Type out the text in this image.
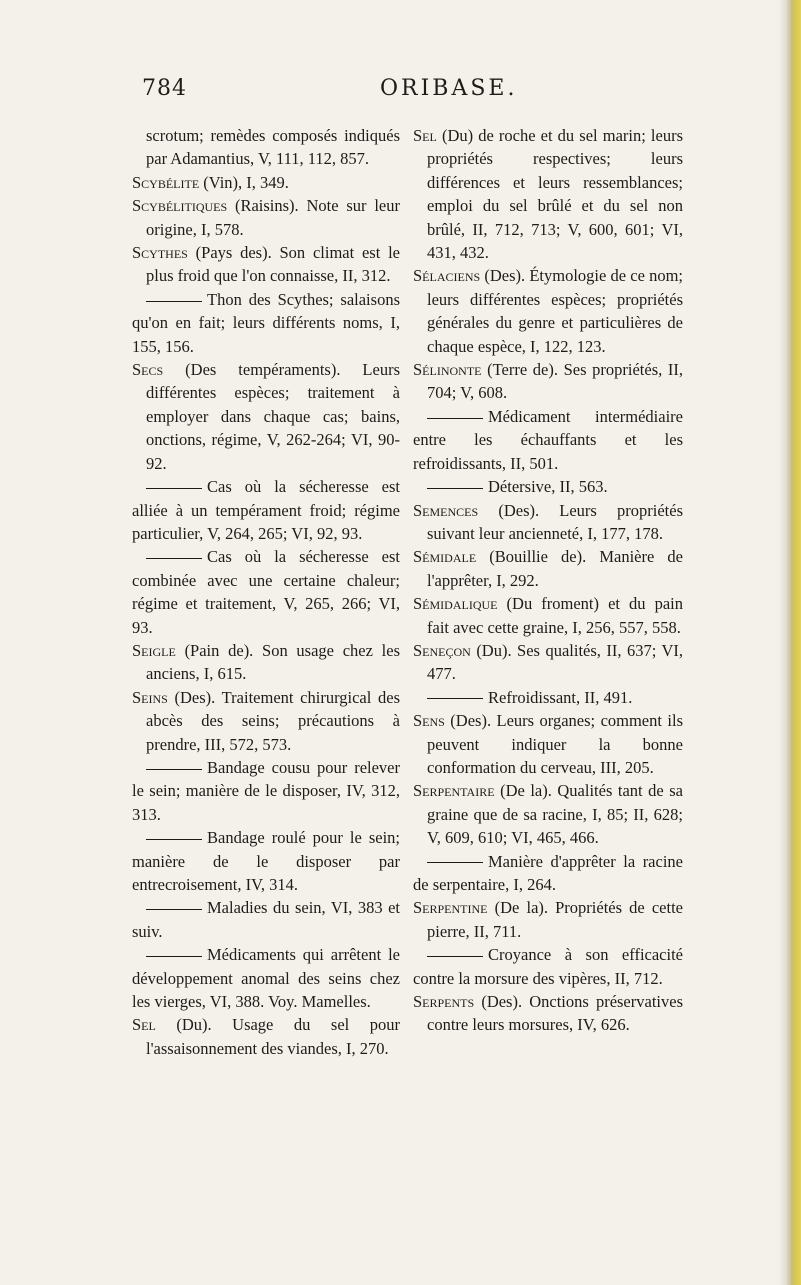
784	ORIBASE.

scrotum; remèdes composés indiqués par Adamantius, V, 111, 112, 857.

Scybélite (Vin), I, 349.

Scybélitiques (Raisins). Note sur leur origine, I, 578.

Scythes (Pays des). Son climat est le plus froid que l'on connaisse, II, 312.

Thon des Scythes; salaisons qu'on en fait; leurs différents noms, I, 155, 156.

Secs (Des tempéraments). Leurs différentes espèces; traitement à employer dans chaque cas; bains, onctions, régime, V, 262-264; VI, 90-92.

Cas où la sécheresse est alliée à un tempérament froid; régime particulier, V, 264, 265; VI, 92, 93.

Cas où la sécheresse est combinée avec une certaine chaleur; régime et traitement, V, 265, 266; VI, 93.

Seigle (Pain de). Son usage chez les anciens, I, 615.

Seins (Des). Traitement chirurgical des abcès des seins; précautions à prendre, III, 572, 573.

Bandage cousu pour relever le sein; manière de le disposer, IV, 312, 313.

Bandage roulé pour le sein; manière de le disposer par entrecroisement, IV, 314.

Maladies du sein, VI, 383 et suiv.

Médicaments qui arrêtent le développement anomal des seins chez les vierges, VI, 388. Voy. Mamelles.

Sel (Du). Usage du sel pour l'assaisonnement des viandes, I, 270.

Sel (Du) de roche et du sel marin; leurs propriétés respectives; leurs différences et leurs ressemblances; emploi du sel brûlé et du sel non brûlé, II, 712, 713; V, 600, 601; VI, 431, 432.

Sélaciens (Des). Étymologie de ce nom; leurs différentes espèces; propriétés générales du genre et particulières de chaque espèce, I, 122, 123.

Sélinonte (Terre de). Ses propriétés, II, 704; V, 608.

Médicament intermédiaire entre les échauffants et les refroidissants, II, 501.

Détersive, II, 563.

Semences (Des). Leurs propriétés suivant leur ancienneté, I, 177, 178.

Sémidale (Bouillie de). Manière de l'apprêter, I, 292.

Sémidalique (Du froment) et du pain fait avec cette graine, I, 256, 557, 558.

Seneçon (Du). Ses qualités, II, 637; VI, 477.

Refroidissant, II, 491.

Sens (Des). Leurs organes; comment ils peuvent indiquer la bonne conformation du cerveau, III, 205.

Serpentaire (De la). Qualités tant de sa graine que de sa racine, I, 85; II, 628; V, 609, 610; VI, 465, 466.

Manière d'apprêter la racine de serpentaire, I, 264.

Serpentine (De la). Propriétés de cette pierre, II, 711.

Croyance à son efficacité contre la morsure des vipères, II, 712.

Serpents (Des). Onctions préservatives contre leurs morsures, IV, 626.
